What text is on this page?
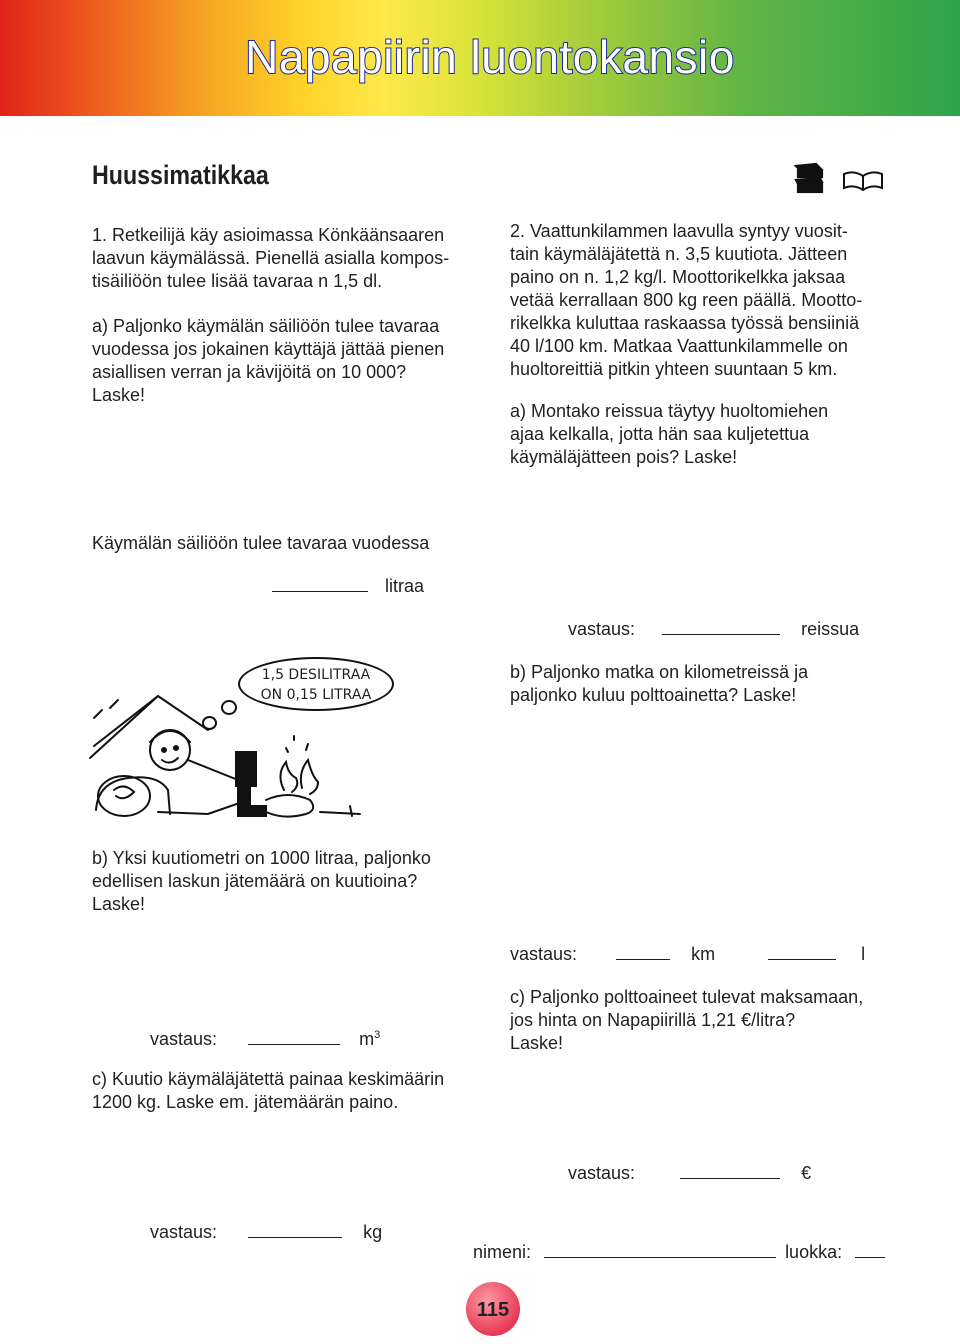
Napapiirin luontokansio
Huussimatikkaa
1. Retkeilijä käy asioimassa Könkäänsaaren
laavun käymälässä. Pienellä asialla kompos-
tisäiliöön tulee lisää tavaraa n 1,5 dl.
a) Paljonko käymälän säiliöön tulee tavaraa
vuodessa jos jokainen käyttäjä jättää pienen
asiallisen verran ja kävijöitä on 10 000?
Laske!
Käymälän säiliöön tulee tavaraa vuodessa
litraa
1,5 DESILITRAA
ON 0,15 LITRAA
b) Yksi kuutiometri on 1000 litraa, paljonko
edellisen laskun jätemäärä on kuutioina?
Laske!
vastaus:	$m^3$
c) Kuutio käymäläjätettä painaa keskimäärin
1200 kg. Laske em. jätemäärän paino.
vastaus:	kg
2. Vaattunkilammen laavulla syntyy vuosit-
tain käymäläjätettä n. 3,5 kuutiota. Jätteen
paino on n. 1,2 kg/l. Moottorikelkka jaksaa
vetää kerrallaan 800 kg reen päällä. Mootto-
rikelkka kuluttaa raskaassa työssä bensiiniä
40 l/100 km. Matkaa Vaattunkilammelle on
huoltoreittiä pitkin yhteen suuntaan 5 km.
a) Montako reissua täytyy huoltomiehen
ajaa kelkalla, jotta hän saa kuljetettua
käymäläjätteen pois? Laske!
vastaus:	reissua
b) Paljonko matka on kilometreissä ja
paljonko kuluu polttoainetta? Laske!
vastaus:	km	l
c) Paljonko polttoaineet tulevat maksamaan,
jos hinta on Napapiirillä 1,21 €/litra?
Laske!
vastaus:	€
nimeni:	luokka:
115
